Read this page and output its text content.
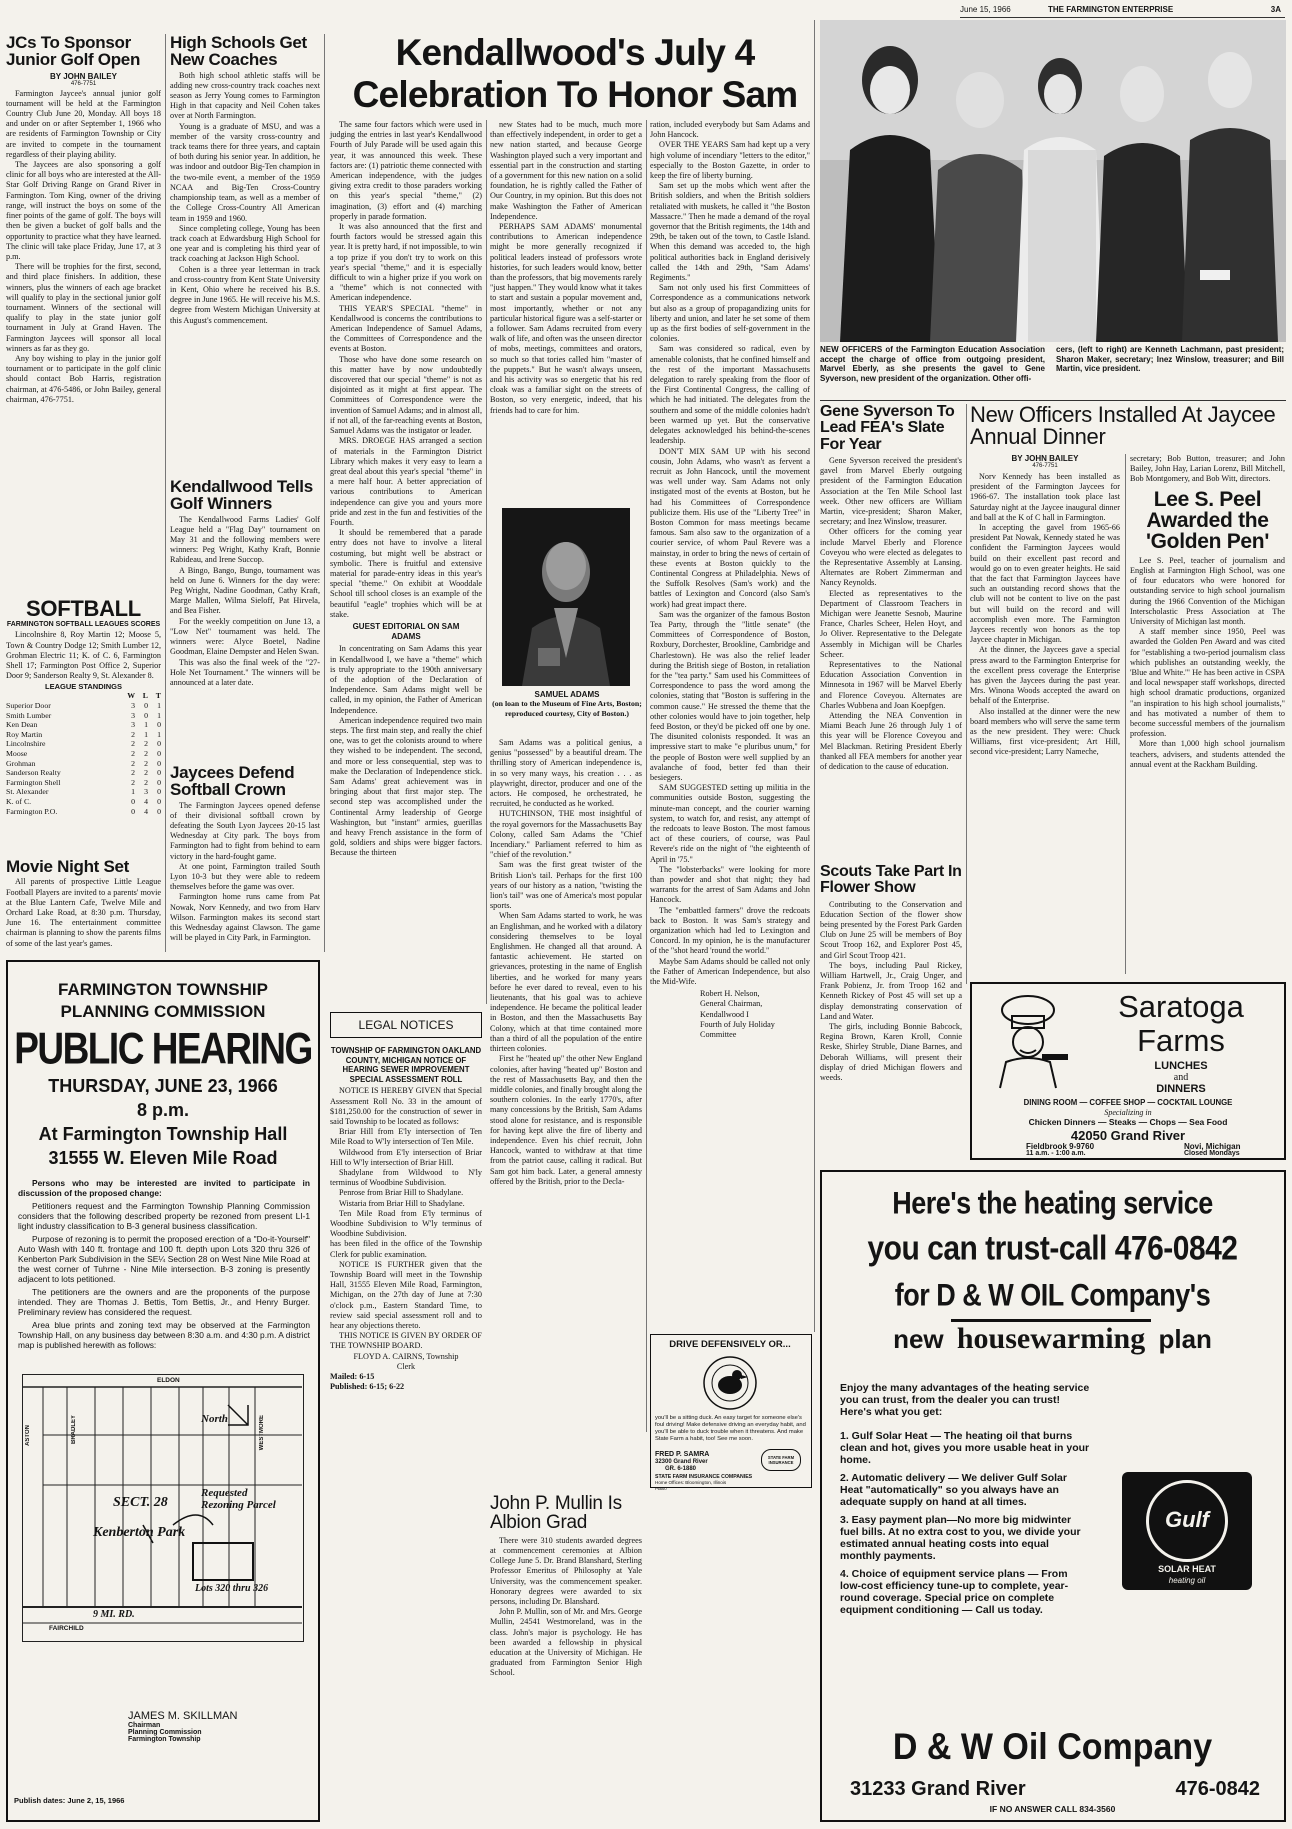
June 15, 1966	THE FARMINGTON ENTERPRISE	3A
JCs To Sponsor Junior Golf Open
BY JOHN BAILEY
476-7751

Farmington Jaycee's annual junior golf tournament will be held at the Farmington Country Club June 20, Monday. All boys 18 and under on or after September 1, 1966 who are residents of Farmington Township or City are invited to compete in the tournament regardless of their playing ability.

The Jaycees are also sponsoring a golf clinic for all boys who are interested at the All-Star Golf Driving Range on Grand River in Farmington. Tom King, owner of the driving range, will instruct the boys on some of the finer points of the game of golf. The boys will then be given a bucket of golf balls and the opportunity to practice what they have learned. The clinic will take place Friday, June 17, at 3 p.m.

There will be trophies for the first, second, and third place finishers. In addition, these winners, plus the winners of each age bracket will qualify to play in the sectional junior golf tournament. Winners of the sectional will qualify to play in the state junior golf tournament in July at Grand Haven. The Farmington Jaycees will sponsor all local winners as far as they go.

Any boy wishing to play in the junior golf tournament or to participate in the golf clinic should contact Bob Harris, registration chairman, at 476-5486, or John Bailey, general chairman, 476-7751.

SOFTBALL
FARMINGTON SOFTBALL LEAGUES SCORES
Lincolnshire 8, Roy Martin 12; Moose 5, Town & Country Dodge 12; Smith Lumber 12, Grohman Electric 11; K. of C. 6, Farmington Shell 17; Farmington Post Office 2, Superior Door 9; Sanderson Realty 9, St. Alexander 8.
LEAGUE STANDINGS
	W	L	T
Superior Door	3	0	1
Smith Lumber	3	0	1
Ken Dean	3	1	0
Roy Martin	2	1	1
Lincolnshire	2	2	0
Moose	2	2	0
Grohman	2	2	0
Sanderson Realty	2	2	0
Farmington Shell	2	2	0
St. Alexander	1	3	0
K. of C.	0	4	0
Farmington P.O.	0	4	0
Movie Night Set
All parents of prospective Little League Football Players are invited to a parents' movie at the Blue Lantern Cafe, Twelve Mile and Orchard Lake Road, at 8:30 p.m. Thursday, June 16. The entertainment committee chairman is planning to show the parents films of some of the last year's games.
High Schools Get New Coaches

Both high school athletic staffs will be adding new cross-country track coaches next season as Jerry Young comes to Farmington High in that capacity and Neil Cohen takes over at North Farmington.

Young is a graduate of MSU, and was a member of the varsity cross-country and track teams there for three years, and captain of both during his senior year. In addition, he was indoor and outdoor Big-Ten champion in the two-mile event, a member of the 1959 NCAA and Big-Ten Cross-Country championship team, as well as a member of the College Cross-Country All American team in 1959 and 1960.

Since completing college, Young has been track coach at Edwardsburg High School for one year and is completing his third year of track coaching at Jackson High School.

Cohen is a three year letterman in track and cross-country from Kent State University in Kent, Ohio where he received his B.S. degree in June 1965. He will receive his M.S. degree from Western Michigan University at this August's commencement.

Kendallwood Tells Golf Winners

The Kendallwood Farms Ladies' Golf League held a "Flag Day" tournament on May 31 and the following members were winners: Peg Wright, Kathy Kraft, Bonnie Rabideau, and Irene Succop.

A Bingo, Bango, Bungo, tournament was held on June 6. Winners for the day were: Peg Wright, Nadine Goodman, Cathy Kraft, Marge Mallen, Wilma Sieloff, Pat Hirvela, and Bea Fisher.

For the weekly competition on June 13, a "Low Net" tournament was held. The winners were: Alyce Boetel, Nadine Goodman, Elaine Dempster and Helen Swan.

This was also the final week of the "27-Hole Net Tournament." The winners will be announced at a later date.

Jaycees Defend Softball Crown

The Farmington Jaycees opened defense of their divisional softball crown by defeating the South Lyon Jaycees 20-15 last Wednesday at City park. The boys from Farmington had to fight from behind to earn victory in the hard-fought game.

At one point, Farmington trailed South Lyon 10-3 but they were able to redeem themselves before the game was over.

Farmington home runs came from Pat Nowak, Norv Kennedy, and two from Harv Wilson. Farmington makes its second start this Wednesday against Clawson. The game will be played in City Park, in Farmington.

Kendallwood's July 4 Celebration To Honor Sam

The same four factors which were used in judging the entries in last year's Kendallwood Fourth of July Parade will be used again this year, it was announced this week. These factors are: (1) patriotic theme connected with American independence, with the judges giving extra credit to those paraders working on this year's special "theme," (2) imagination, (3) effort and (4) marching properly in parade formation.

It was also announced that the first and fourth factors would be stressed again this year. It is pretty hard, if not impossible, to win a top prize if you don't try to work on this year's special "theme," and it is especially difficult to win a higher prize if you work on a "theme" which is not connected with American independence.

THIS YEAR'S SPECIAL "theme" in Kendallwood is concerns the contributions to American Independence of Samuel Adams, the Committees of Correspondence and the events at Boston.

Those who have done some research on this matter have by now undoubtedly discovered that our special "theme" is not as disjointed as it might at first appear. The Committees of Correspondence were the invention of Samuel Adams; and in almost all, if not all, of the far-reaching events at Boston, Samuel Adams was the instigator or leader.

MRS. DROEGE HAS arranged a section of materials in the Farmington District Library which makes it very easy to learn a great deal about this year's special "theme" in a mere half hour. A better appreciation of various contributions to American independence can give you and yours more pride and zest in the fun and festivities of the Fourth.

It should be remembered that a parade entry does not have to involve a literal costuming, but might well be abstract or symbolic. There is fruitful and extensive material for parade-entry ideas in this year's special "theme." On exhibit at Wooddale School till school closes is an example of the beautiful "eagle" trophies which will be at stake.

GUEST EDITORIAL ON SAM ADAMS

In concentrating on Sam Adams this year in Kendallwood I, we have a "theme" which is truly appropriate to the 190th anniversary of the adoption of the Declaration of Independence. Sam Adams might well be called, in my opinion, the Father of American Independence.

American independence required two main steps. The first main step, and really the chief one, was to get the colonists around to where they wished to be independent. The second, and more or less consequential, step was to make the Declaration of Independence stick. Sam Adams' great achievement was in bringing about that first major step. The second step was accomplished under the Continental Army leadership of George Washington, but "instant" armies, guerillas and heavy French assistance in the form of gold, soldiers and ships were bigger factors. Because the thirteen

new States had to be much, much more than effectively independent, in order to get a new nation started, and because George Washington played such a very important and essential part in the construction and starting of a government for this new nation on a solid foundation, he is rightly called the Father of Our Country, in my opinion. But this does not make Washington the Father of American Independence.

PERHAPS SAM ADAMS' monumental contributions to American independence might be more generally recognized if political leaders instead of professors wrote histories, for such leaders would know, better than the professors, that big movements rarely "just happen." They would know what it takes to start and sustain a popular movement and, most importantly, whether or not any particular historical figure was a self-starter or a follower. Sam Adams recruited from every walk of life, and often was the unseen director of mobs, meetings, committees and orators, so much so that tories called him "master of the puppets." But he wasn't always unseen, and his activity was so energetic that his red cloak was a familiar sight on the streets of Boston, so very energetic, indeed, that his friends had to care for him.

SAMUEL ADAMS
(on loan to the Museum of Fine Arts, Boston; reproduced courtesy, City of Boston.)

Sam Adams was a political genius, a genius "possessed" by a beautiful dream. The thrilling story of American independence is, in so very many ways, his creation . . . as playwright, director, producer and one of the actors. He composed, he orchestrated, he recruited, he conducted as he worked.

HUTCHINSON, THE most insightful of the royal governors for the Massachusetts Bay Colony, called Sam Adams the "Chief Incendiary." Parliament referred to him as "chief of the revolution."

Sam was the first great twister of the British Lion's tail. Perhaps for the first 100 years of our history as a nation, "twisting the lion's tail" was one of America's most popular sports.

When Sam Adams started to work, he was an Englishman, and he worked with a dilatory considering themselves to be loyal Englishmen. He changed all that around. A fantastic achievement. He started on grievances, protesting in the name of English liberties, and he worked for many years before he ever dared to reveal, even to his lieutenants, that his goal was to achieve independence. He became the political leader in Boston, and then the Massachusetts Bay Colony, which at that time contained more than a third of all the population of the entire thirteen colonies.

First he "heated up" the other New England colonies, after having "heated up" Boston and the rest of Massachusetts Bay, and then the middle colonies, and finally brought along the southern colonies. In the early 1770's, after many concessions by the British, Sam Adams stood alone for resistance, and is responsible for having kept alive the fire of liberty and independence. Even his chief recruit, John Hancock, wanted to withdraw at that time from the patriot cause, calling it radical. But Sam got him back. Later, a general amnesty offered by the British, prior to the Decla-

ration, included everybody but Sam Adams and John Hancock.

OVER THE YEARS Sam had kept up a very high volume of incendiary "letters to the editor," especially to the Boston Gazette, in order to keep the fire of liberty burning.

Sam set up the mobs which went after the British soldiers, and when the British soldiers retaliated with muskets, he called it "the Boston Massacre." Then he made a demand of the royal governor that the British regiments, the 14th and 29th, be taken out of the town, to Castle Island. When this demand was acceded to, the high political authorities back in England derisively called the 14th and 29th, "Sam Adams' Regiments."

Sam not only used his first Committees of Correspondence as a communications network but also as a group of propagandizing units for liberty and union, and later he set some of them up as the first bodies of self-government in the colonies.

Sam was considered so radical, even by amenable colonists, that he confined himself and the rest of the important Massachusetts delegation to rarely speaking from the floor of the First Continental Congress, the calling of which he had initiated. The delegates from the southern and some of the middle colonies hadn't been warmed up yet. But the conservative delegates acknowledged his behind-the-scenes leadership.

DON'T MIX SAM UP with his second cousin, John Adams, who wasn't as fervent a recruit as John Hancock, until the movement was well under way. Sam Adams not only instigated most of the events at Boston, but he had his Committees of Correspondence publicize them. His use of the "Liberty Tree" in Boston Common for mass meetings became famous. Sam also saw to the organization of a courier service, of whom Paul Revere was a mainstay, in order to bring the news of certain of these events at Boston quickly to the Continental Congress at Philadelphia. News of the Suffolk Resolves (Sam's work) and the battles of Lexington and Concord (also Sam's work) had great impact there.

Sam was the organizer of the famous Boston Tea Party, through the "little senate" (the Committees of Correspondence of Boston, Roxbury, Dorchester, Brookline, Cambridge and Charlestown). He was also the relief leader during the British siege of Boston, in retaliation for the "tea party." Sam used his Committees of Correspondence to pass the word among the colonies, stating that "Boston is suffering in the common cause." He stressed the theme that the other colonies would have to join together, help feed Boston, or they'd be picked off one by one. The disunited colonists responded. It was an impressive start to make "e pluribus unum," for the people of Boston were well supplied by an avalanche of food, better fed than their besiegers.

SAM SUGGESTED setting up militia in the communities outside Boston, suggesting the minute-man concept, and the courier warning system, to watch for, and resist, any attempt of the redcoats to leave Boston. The most famous act of these couriers, of course, was Paul Revere's ride on the night of "the eighteenth of April in '75."

The "lobsterbacks" were looking for more than powder and shot that night; they had warrants for the arrest of Sam Adams and John Hancock.

The "embattled farmers" drove the redcoats back to Boston. It was Sam's strategy and organization which had led to Lexington and Concord. In my opinion, he is the manufacturer of the "shot heard 'round the world."

Maybe Sam Adams should be called not only the Father of American Independence, but also the Mid-Wife.

Robert H. Nelson,
General Chairman,
Kendallwood I
Fourth of July Holiday
Committee
NEW OFFICERS of the Farmington Education Association accept the charge of office from outgoing president, Marvel Eberly, as she presents the gavel to Gene Syverson, new president of the organization. Other offi-
cers, (left to right) are Kenneth Lachmann, past president; Sharon Maker, secretary; Inez Winslow, treasurer; and Bill Martin, vice president.
Gene Syverson To Lead FEA's Slate For Year

Gene Syverson received the president's gavel from Marvel Eberly outgoing president of the Farmington Education Association at the Ten Mile School last week. Other new officers are William Martin, vice-president; Sharon Maker, secretary; and Inez Winslow, treasurer.

Other officers for the coming year include Marvel Eberly and Florence Coveyou who were elected as delegates to the Representative Assembly at Lansing. Alternates are Robert Zimmerman and Nancy Reynolds.

Elected as representatives to the Department of Classroom Teachers in Michigan were Jeanette Sesnob, Maurine France, Charles Scheer, Helen Hoyt, and Jo Oliver. Representative to the Delegate Assembly in Michigan will be Charles Scheer.

Representatives to the National Education Association Convention in Minnesota in 1967 will be Marvel Eberly and Florence Coveyou. Alternates are Charles Wubbena and Joan Koepfgen.

Attending the NEA Convention in Miami Beach June 26 through July 1 of this year will be Florence Coveyou and Mel Blackman. Retiring President Eberly thanked all FEA members for another year of dedication to the cause of education.

Scouts Take Part In Flower Show

Contributing to the Conservation and Education Section of the flower show being presented by the Forest Park Garden Club on June 25 will be members of Boy Scout Troop 162, and Explorer Post 45, and Girl Scout Troop 421.

The boys, including Paul Rickey, William Hartwell, Jr., Craig Unger, and Frank Pobienz, Jr. from Troop 162 and Kenneth Rickey of Post 45 will set up a display demonstrating conservation of Land and Water.

The girls, including Bonnie Babcock, Regina Brown, Karen Kroll, Connie Reske, Shirley Struble, Diane Barnes, and Deborah Williams, will present their display of dried Michigan flowers and weeds.

New Officers Installed At Jaycee Annual Dinner
BY JOHN BAILEY
476-7751

Norv Kennedy has been installed as president of the Farmington Jaycees for 1966-67. The installation took place last Saturday night at the Jaycee inaugural dinner and ball at the K of C hall in Farmington.

In accepting the gavel from 1965-66 president Pat Nowak, Kennedy stated he was confident the Farmington Jaycees would build on their excellent past record and would go on to even greater heights. He said that the fact that Farmington Jaycees have such an outstanding record shows that the club will not be content to live on the past but will build on the record and will accomplish even more. The Farmington Jaycees recently won honors as the top Jaycee chapter in Michigan.

At the dinner, the Jaycees gave a special press award to the Farmington Enterprise for the excellent press coverage the Enterprise has given the Jaycees during the past year. Mrs. Winona Woods accepted the award on behalf of the Enterprise.

Also installed at the dinner were the new board members who will serve the same term as the new president. They were: Chuck Williams, first vice-president; Art Hill, second vice-president; Larry Nameche,

secretary; Bob Button, treasurer; and John Bailey, John Hay, Larian Lorenz, Bill Mitchell, Bob Montgomery, and Bob Witt, directors.
Lee S. Peel Awarded the 'Golden Pen'

Lee S. Peel, teacher of journalism and English at Farmington High School, was one of four educators who were honored for outstanding service to high school journalism during the 1966 Convention of the Michigan Interscholastic Press Association at The University of Michigan last month.

A staff member since 1950, Peel was awarded the Golden Pen Award and was cited for "establishing a two-period journalism class which publishes an outstanding weekly, the 'Blue and White.'" He has been active in CSPA and local newspaper staff workshops, directed high school dramatic productions, organized "an inspiration to his high school journalists," and has motivated a number of them to become successful members of the journalism profession.

More than 1,000 high school journalism teachers, advisers, and students attended the annual event at the Rackham Building.

Saratoga Farms
LUNCHES
and
DINNERS
DINING ROOM — COFFEE SHOP — COCKTAIL LOUNGE
Specializing in
Chicken Dinners — Steaks — Chops — Sea Food
42050 Grand River
Fieldbrook 9-9760
11 a.m. - 1:00 a.m.
Novi, Michigan
Closed Mondays
FARMINGTON TOWNSHIP
PLANNING COMMISSION
PUBLIC HEARING
THURSDAY, JUNE 23, 1966
8 p.m.
At Farmington Township Hall
31555 W. Eleven Mile Road

Persons who may be interested are invited to participate in discussion of the proposed change:

Petitioners request and the Farmington Township Planning Commission considers that the following described property be rezoned from present LI-1 light industry classification to B-3 general business classification.

Purpose of rezoning is to permit the proposed erection of a "Do-it-Yourself" Auto Wash with 140 ft. frontage and 100 ft. depth upon Lots 320 thru 326 of Kenberton Park Subdivision in the SE¼ Section 28 on West Nine Mile Road at the west corner of Tuhrne - Nine Mile intersection. B-3 zoning is presently adjacent to lots petitioned.

The petitioners are the owners and are the proponents of the purpose intended. They are Thomas J. Bettis, Tom Bettis, Jr., and Henry Burger. Preliminary review has considered the request.

Area blue prints and zoning text may be observed at the Farmington Township Hall, on any business day between 8:30 a.m. and 4:30 p.m. A district map is published herewith as follows:

ELDON
North
SECT. 28
Kenberton Park
Requested Rezoning Parcel
Lots 320 thru 326
9 MI. RD.
FAIRCHILD
ASTON	BRADLEY	WESTMORE
JAMES M. SKILLMAN
Chairman
Planning Commission
Farmington Township
Publish dates: June 2, 15, 1966
LEGAL NOTICES
TOWNSHIP OF FARMINGTON OAKLAND COUNTY, MICHIGAN NOTICE OF HEARING SEWER IMPROVEMENT SPECIAL ASSESSMENT ROLL

NOTICE IS HEREBY GIVEN that Special Assessment Roll No. 33 in the amount of $181,250.00 for the construction of sewer in said Township to be located as follows:

Briar Hill from E'ly intersection of Ten Mile Road to W'ly intersection of Ten Mile.

Wildwood from E'ly intersection of Briar Hill to W'ly intersection of Briar Hill.

Shadylane from Wildwood to N'ly terminus of Woodbine Subdivision.

Penrose from Briar Hill to Shadylane.

Wistaria from Briar Hill to Shadylane.

Ten Mile Road from E'ly terminus of Woodbine Subdivision to W'ly terminus of Woodbine Subdivision.

has been filed in the office of the Township Clerk for public examination.

NOTICE IS FURTHER given that the Township Board will meet in the Township Hall, 31555 Eleven Mile Road, Farmington, Michigan, on the 27th day of June at 7:30 o'clock p.m., Eastern Standard Time, to review said special assessment roll and to hear any objections thereto.

THIS NOTICE IS GIVEN BY ORDER OF THE TOWNSHIP BOARD.

FLOYD A. CAIRNS, Township Clerk
Mailed: 6-15
Published: 6-15; 6-22
DRIVE DEFENSIVELY OR...
you'll be a sitting duck. An easy target for someone else's foul driving! Make defensive driving an everyday habit, and you'll be able to duck trouble when it threatens. And make State Farm a habit, too! See me soon.
FRED P. SAMRA
32300 Grand River
GR. 6-1880
STATE FARM INSURANCE
STATE FARM INSURANCE COMPANIES
Home Offices: Bloomington, Illinois
P6660
John P. Mullin Is Albion Grad

There were 310 students awarded degrees at commencement ceremonies at Albion College June 5. Dr. Brand Blanshard, Sterling Professor Emeritus of Philosophy at Yale University, was the commencement speaker. Honorary degrees were awarded to six persons, including Dr. Blanshard.

John P. Mullin, son of Mr. and Mrs. George Mullin, 24541 Westmoreland, was in the class. John's major is psychology. He has been awarded a fellowship in physical education at the University of Michigan. He graduated from Farmington Senior High School.

Here's the heating service
you can trust-call 476-0842
for D & W OIL Company's
new housewarming plan
Enjoy the many advantages of the heating service you can trust, from the dealer you can trust! Here's what you get:

1. Gulf Solar Heat — The heating oil that burns clean and hot, gives you more usable heat in your home.

2. Automatic delivery — We deliver Gulf Solar Heat "automatically" so you always have an adequate supply on hand at all times.

3. Easy payment plan—No more big midwinter fuel bills. At no extra cost to you, we divide your estimated annual heating costs into equal monthly payments.

4. Choice of equipment service plans — From low-cost efficiency tune-up to complete, year-round coverage. Special price on complete equipment conditioning — Call us today.

Gulf
SOLAR HEAT
heating oil
D & W Oil Company
31233 Grand River	476-0842
IF NO ANSWER CALL 834-3560
